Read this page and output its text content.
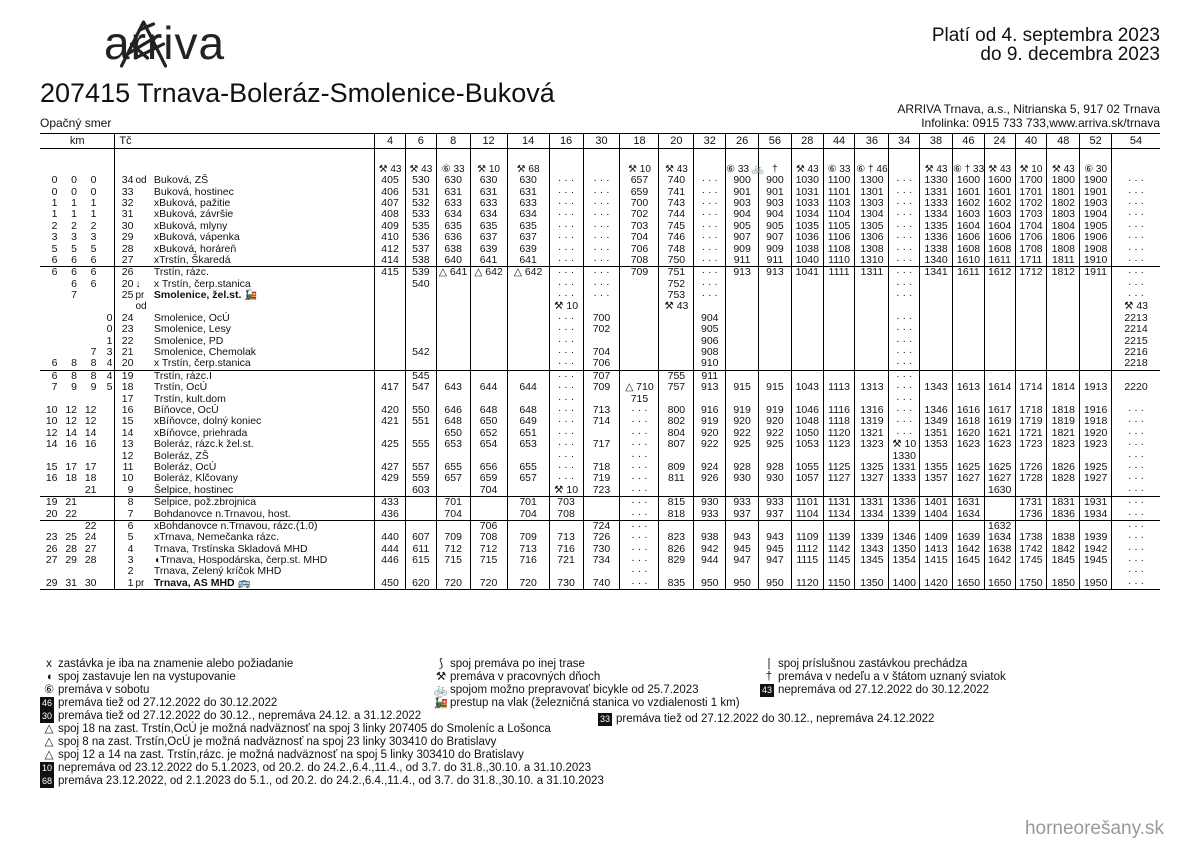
arriva	Platí od 4. septembra 2023
do 9. decembra 2023
207415 Trnava-Boleráz-Smolenice-Buková
ARRIVA Trnava, a.s., Nitrianska 5, 917 02 Trnava
Infolinka: 0915 733 733,www.arriva.sk/trnava
Opačný smer
km				Tč			4	6	8	12	14	16	30	18	20	32	26	56	28	44	36	34	38	46	24	40	48	52	54
							⚒ 43	⚒ 43	⑥ 33	⚒ 10	⚒ 68			⚒ 10	⚒ 43		⑥ 33 🚲	†	⚒ 43	⑥ 33	⑥ † 46		⚒ 43	⑥ † 33	⚒ 43	⚒ 10	⚒ 43	⑥ 30	
0	0	0		34	od	Buková, ZŠ	405	530	630	630	630	· · ·	· · ·	657	740	· · ·	900	900	1030	1100	1300	· · ·	1330	1600	1600	1700	1800	1900	· · ·
0	0	0		33		Buková, hostinec	406	531	631	631	631	· · ·	· · ·	659	741	· · ·	901	901	1031	1101	1301	· · ·	1331	1601	1601	1701	1801	1901	· · ·
1	1	1		32		xBuková, pažitie	407	532	633	633	633	· · ·	· · ·	700	743	· · ·	903	903	1033	1103	1303	· · ·	1333	1602	1602	1702	1802	1903	· · ·
1	1	1		31		xBuková, závršie	408	533	634	634	634	· · ·	· · ·	702	744	· · ·	904	904	1034	1104	1304	· · ·	1334	1603	1603	1703	1803	1904	· · ·
2	2	2		30		xBuková, mlyny	409	535	635	635	635	· · ·	· · ·	703	745	· · ·	905	905	1035	1105	1305	· · ·	1335	1604	1604	1704	1804	1905	· · ·
3	3	3		29		xBuková, vápenka	410	536	636	637	637	· · ·	· · ·	704	746	· · ·	907	907	1036	1106	1306	· · ·	1336	1606	1606	1706	1806	1906	· · ·
5	5	5		28		xBuková, horáreň	412	537	638	639	639	· · ·	· · ·	706	748	· · ·	909	909	1038	1108	1308	· · ·	1338	1608	1608	1708	1808	1908	· · ·
6	6	6		27		xTrstín, Škaredá	414	538	640	641	641	· · ·	· · ·	708	750	· · ·	911	911	1040	1110	1310	· · ·	1340	1610	1611	1711	1811	1910	· · ·
6	6	6		26		Trstín, rázc.	415	539	△ 641	△ 642	△ 642	· · ·	· · ·	709	751	· · ·	913	913	1041	1111	1311	· · ·	1341	1611	1612	1712	1812	1911	· · ·
	6	6		20	↓	x Trstín, čerp.stanica		540				· · ·	· · ·		752	· · ·						· · ·							· · ·
	7			25	pr	Smolenice, žel.st. 🚂						· · ·	· · ·		753	· · ·						· · ·							· · ·
					od							⚒ 10			⚒ 43														⚒ 43
			0	24		Smolenice, OcÚ						· · ·	700			904						· · ·							2213
			0	23		Smolenice, Lesy						· · ·	702			905						· · ·							2214
			1	22		Smolenice, PD						· · ·				906						· · ·							2215
		7	3	21		Smolenice, Chemolak		542				· · ·	704			908						· · ·							2216
6	8	8	4	20		x Trstín, čerp.stanica						· · ·	706			910						· · ·							2218
6	8	8	4	19		Trstín, rázc.I		545				· · ·	707		755	911						· · ·							
7	9	9	5	18		Trstín, OcÚ	417	547	643	644	644	· · ·	709	△ 710	757	913	915	915	1043	1113	1313	· · ·	1343	1613	1614	1714	1814	1913	2220
				17		Trstín, kult.dom						· · ·		715								· · ·							
10	12	12		16		Bíňovce, OcÚ	420	550	646	648	648	· · ·	713	· · ·	800	916	919	919	1046	1116	1316	· · ·	1346	1616	1617	1718	1818	1916	· · ·
10	12	12		15		xBíňovce, dolný koniec	421	551	648	650	649	· · ·	714	· · ·	802	919	920	920	1048	1118	1319	· · ·	1349	1618	1619	1719	1819	1918	· · ·
12	14	14		14		xBíňovce, priehrada			650	652	651	· · ·		· · ·	804	920	922	922	1050	1120	1321	· · ·	1351	1620	1621	1721	1821	1920	· · ·
14	16	16		13		Boleráz, rázc.k žel.st.	425	555	653	654	653	· · ·	717	· · ·	807	922	925	925	1053	1123	1323	⚒ 10	1353	1623	1623	1723	1823	1923	· · ·
				12		Boleráz, ZŠ						· · ·		· · ·								1330							· · ·
15	17	17		11		Boleráz, OcÚ	427	557	655	656	655	· · ·	718	· · ·	809	924	928	928	1055	1125	1325	1331	1355	1625	1625	1726	1826	1925	· · ·
16	18	18		10		Boleráz, Klčovany	429	559	657	659	657	· · ·	719	· · ·	811	926	930	930	1057	1127	1327	1333	1357	1627	1627	1728	1828	1927	· · ·
		21		9		Šelpice, hostinec		603		704		⚒ 10	723	· · ·											1630				· · ·
19	21			8		Šelpice, pož.zbrojnica	433		701		701	703		· · ·	815	930	933	933	1101	1131	1331	1336	1401	1631		1731	1831	1931	· · ·
20	22			7		Bohdanovce n.Trnavou, host.	436		704		704	708		· · ·	818	933	937	937	1104	1134	1334	1339	1404	1634		1736	1836	1934	· · ·
		22		6		xBohdanovce n.Trnavou, rázc.(1.0)				706			724	· · ·											1632				· · ·
23	25	24		5		xTrnava, Nemečanka rázc.	440	607	709	708	709	713	726	· · ·	823	938	943	943	1109	1139	1339	1346	1409	1639	1634	1738	1838	1939	· · ·
26	28	27		4		Trnava, Trstínska Skladová MHD	444	611	712	712	713	716	730	· · ·	826	942	945	945	1112	1142	1343	1350	1413	1642	1638	1742	1842	1942	· · ·
27	29	28		3		◖Trnava, Hospodárska, čerp.st. MHD	446	615	715	715	716	721	734	· · ·	829	944	947	947	1115	1145	1345	1354	1415	1645	1642	1745	1845	1945	· · ·
				2		Trnava, Zelený kríčok MHD								· · ·															· · ·
29	31	30		1	pr	Trnava, AS MHD 🚌	450	620	720	720	720	730	740	· · ·	835	950	950	950	1120	1150	1350	1400	1420	1650	1650	1750	1850	1950	· · ·
x zastávka je iba na znamenie alebo požiadanie
◖ spoj zastavuje len na vystupovanie
⑥ premáva v sobotu
46 premáva tiež od 27.12.2022 do 30.12.2022
30 premáva tiež od 27.12.2022 do 30.12., nepremáva 24.12. a 31.12.2022
△ spoj 18 na zast. Trstín,OcÚ je možná nadväznosť na spoj 3 linky 207405 do Smoleníc a Lošonca
△ spoj 8 na zast. Trstín,OcÚ je možná nadväznosť na spoj 23 linky 303410 do Bratislavy
△ spoj 12 a 14 na zast. Trstín,rázc. je možná nadväznosť na spoj 5 linky 303410 do Bratislavy
10 nepremáva od 23.12.2022 do 5.1.2023, od 20.2. do 24.2.,6.4.,11.4., od 3.7. do 31.8.,30.10. a 31.10.2023
68 premáva 23.12.2022, od 2.1.2023 do 5.1., od 20.2. do 24.2.,6.4.,11.4., od 3.7. do 31.8.,30.10. a 31.10.2023
⟆ spoj premáva po inej trase
⚒ premáva v pracovných dňoch
🚲 spojom možno prepravovať bicykle od 25.7.2023
🚂 prestup na vlak (železničná stanica vo vzdialenosti 1 km)
33 premáva tiež od 27.12.2022 do 30.12., nepremáva 24.12.2022
| spoj príslušnou zastávkou prechádza
† premáva v nedeľu a v štátom uznaný sviatok
43 nepremáva od 27.12.2022 do 30.12.2022
horneorešany.sk
